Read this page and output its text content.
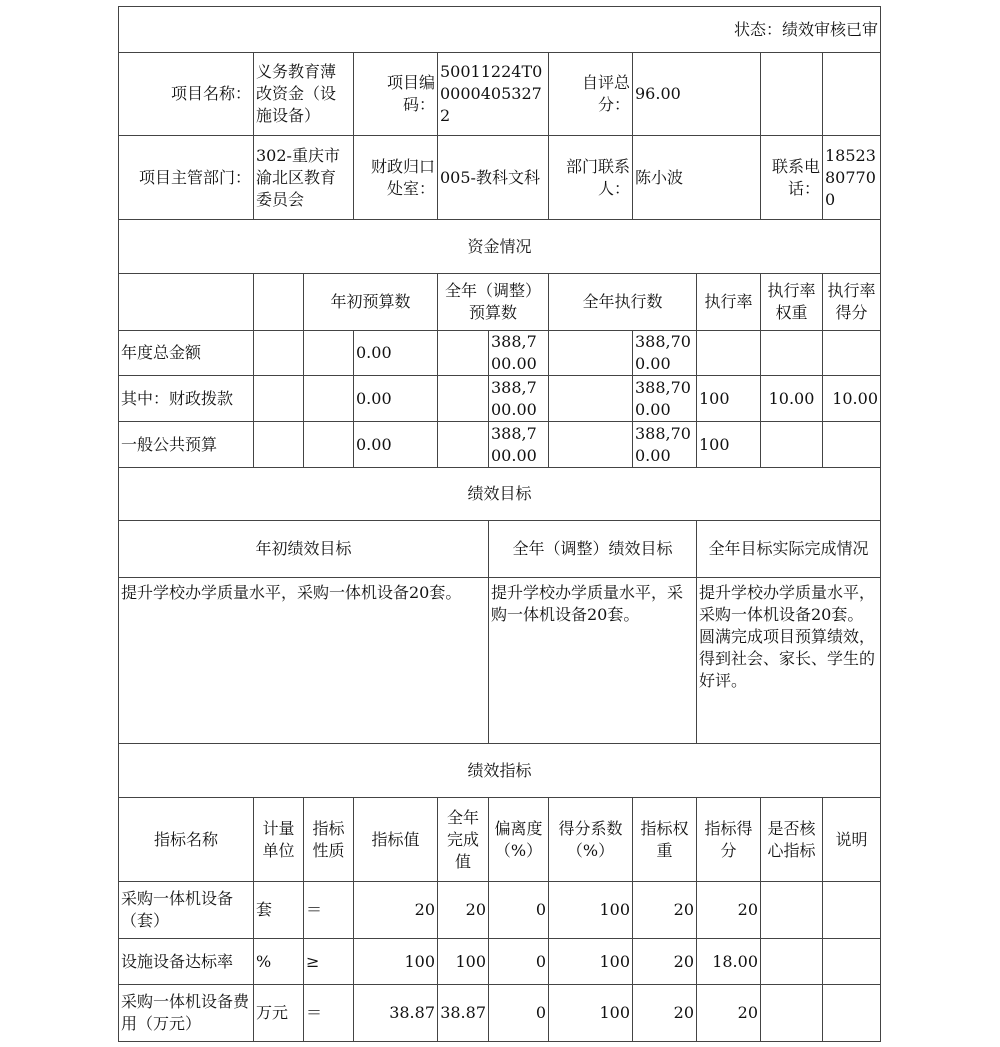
状态：绩效审核已审										
项目名称：	义务教育薄改资金（设施设备）		项目编码：	50011224T000004053272		自评总分：	96.00			
项目主管部门：	302-重庆市渝北区教育委员会		财政归口处室：	005-教科文科		部门联系人：	陈小波		联系电话：	18523807700
资金情况										
		年初预算数		全年（调整）预算数		全年执行数		执行率	执行率权重	执行率得分
年度总金额			0.00		388,700.00		388,700.00			
其中：财政拨款			0.00		388,700.00		388,700.00	100	10.00	10.00
一般公共预算			0.00		388,700.00		388,700.00	100		
绩效目标										
年初绩效目标					全年（调整）绩效目标			全年目标实际完成情况		
提升学校办学质量水平，采购一体机设备20套。					提升学校办学质量水平，采购一体机设备20套。			提升学校办学质量水平，采购一体机设备20套。圆满完成项目预算绩效，得到社会、家长、学生的好评。		
绩效指标										
指标名称	计量单位	指标性质	指标值	全年完成值	偏离度（%）	得分系数（%）	指标权重	指标得分	是否核心指标	说明
采购一体机设备（套）	套	＝	20	20	0	100	20	20		
设施设备达标率	%	≥	100	100	0	100	20	18.00		
采购一体机设备费用（万元）	万元	＝	38.87	38.87	0	100	20	20		
